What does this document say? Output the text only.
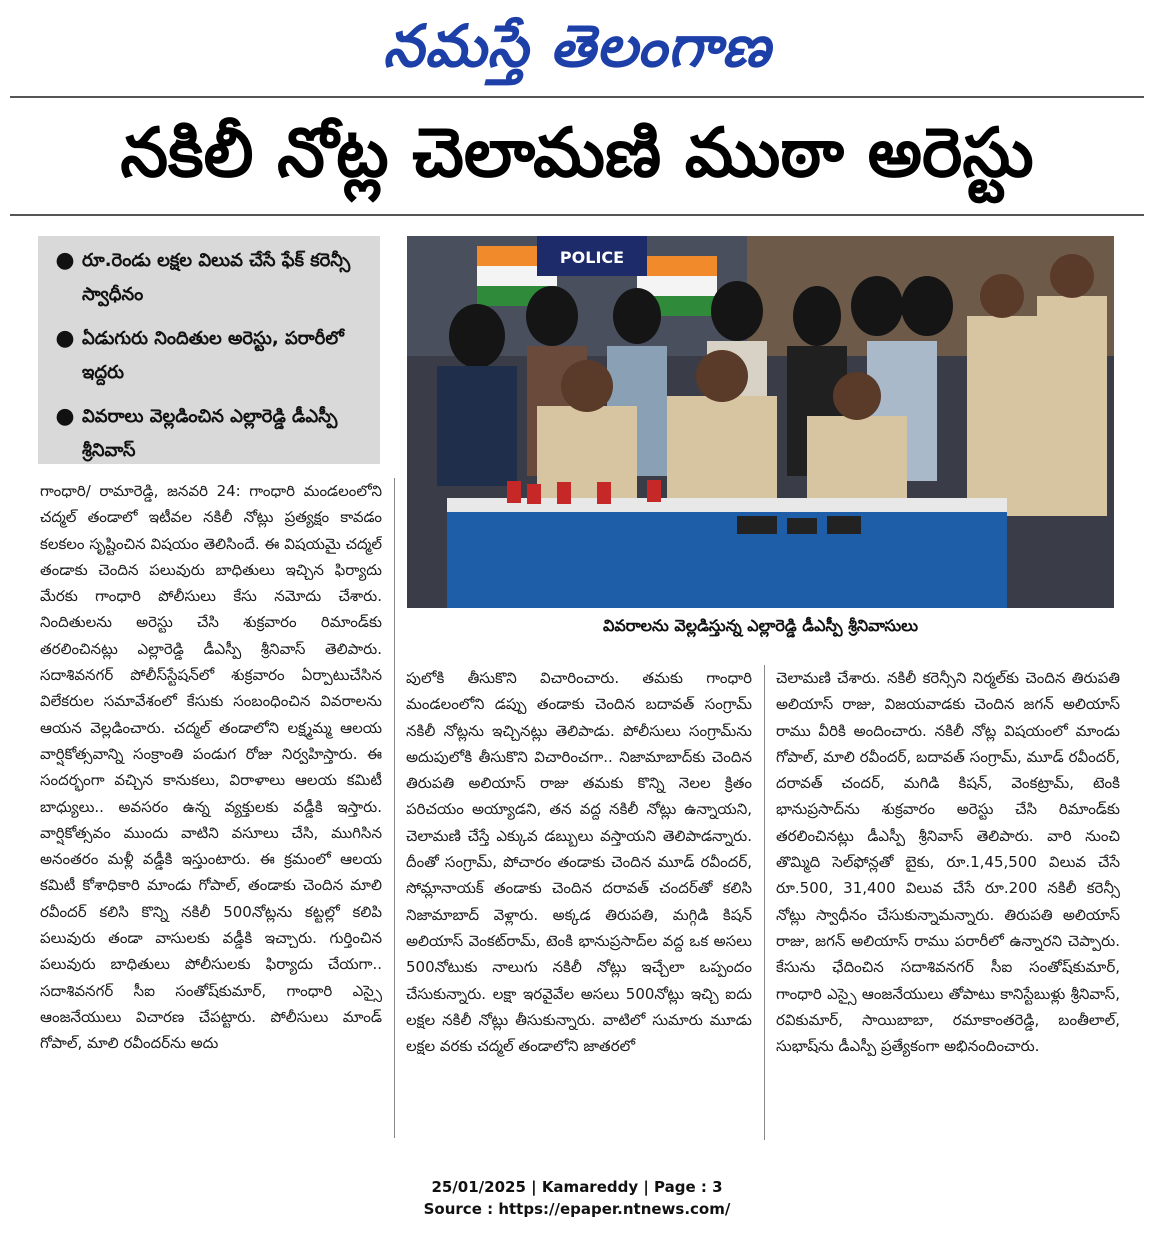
నమస్తే తెలంగాణ
నకిలీ నోట్ల చెలామణి ముఠా అరెస్టు
● రూ.రెండు లక్షల విలువ చేసే ఫేక్ కరెన్సీ స్వాధీనం
● ఏడుగురు నిందితుల అరెస్టు, పరారీలో ఇద్దరు
● వివరాలు వెల్లడించిన ఎల్లారెడ్డి డీఎస్పీ శ్రీనివాస్
POLICE
వివరాలను వెల్లడిస్తున్న ఎల్లారెడ్డి డీఎస్పీ శ్రీనివాసులు
గాంధారి/ రామారెడ్డి, జనవరి 24: గాంధారి మండలంలోని చద్మల్ తండాలో ఇటీవల నకిలీ నోట్లు ప్రత్యక్షం కావడం కలకలం సృష్టించిన విషయం తెలిసిందే. ఈ విషయమై చద్మల్ తండాకు చెందిన పలువురు బాధితులు ఇచ్చిన ఫిర్యాదు మేరకు గాంధారి పోలీసులు కేసు నమోదు చేశారు. నిందితులను అరెస్టు చేసి శుక్రవారం రిమాండ్‌కు తరలించినట్లు ఎల్లారెడ్డి డీఎస్పీ శ్రీనివాస్ తెలిపారు. సదాశివనగర్ పోలీస్‌స్టేషన్‌లో శుక్రవారం ఏర్పాటుచేసిన విలేకరుల సమావేశంలో కేసుకు సంబంధించిన వివరాలను ఆయన వెల్లడించారు. చద్మల్ తండాలోని లక్ష్మమ్మ ఆలయ వార్షికోత్సవాన్ని సంక్రాంతి పండుగ రోజు నిర్వహిస్తారు. ఈ సందర్భంగా వచ్చిన కానుకలు, విరాళాలు ఆలయ కమిటీ బాధ్యులు.. అవసరం ఉన్న వ్యక్తులకు వడ్డీకి ఇస్తారు. వార్షికోత్సవం ముందు వాటిని వసూలు చేసి, ముగిసిన అనంతరం మళ్లీ వడ్డీకి ఇస్తుంటారు. ఈ క్రమంలో ఆలయ కమిటీ కోశాధికారి మాండు గోపాల్, తండాకు చెందిన మాలి రవీందర్ కలిసి కొన్ని నకిలీ 500నోట్లను కట్టల్లో కలిపి పలువురు తండా వాసులకు వడ్డీకి ఇచ్చారు. గుర్తించిన పలువురు బాధితులు పోలీసులకు ఫిర్యాదు చేయగా.. సదాశివనగర్ సీఐ సంతోష్‌కుమార్, గాంధారి ఎస్సై ఆంజనేయులు విచారణ చేపట్టారు. పోలీసులు మాండ్ గోపాల్, మాలి రవీందర్‌ను అదు
పులోకి తీసుకొని విచారించారు. తమకు గాంధారి మండలంలోని డప్పు తండాకు చెందిన బదావత్ సంగ్రామ్ నకిలీ నోట్లను ఇచ్చినట్లు తెలిపాడు. పోలీసులు సంగ్రామ్‌ను అదుపులోకి తీసుకొని విచారించగా.. నిజామాబాద్‌కు చెందిన తిరుపతి అలియాస్ రాజు తమకు కొన్ని నెలల క్రితం పరిచయం అయ్యాడని, తన వద్ద నకిలీ నోట్లు ఉన్నాయని, చెలామణి చేస్తే ఎక్కువ డబ్బులు వస్తాయని తెలిపాడన్నారు. దీంతో సంగ్రామ్, పోచారం తండాకు చెందిన మూడ్ రవీందర్, సోమ్లానాయక్ తండాకు చెందిన దరావత్ చందర్‌తో కలిసి నిజామాబాద్ వెళ్లారు. అక్కడ తిరుపతి, మగ్గిడి కిషన్ అలియాస్ వెంకట్‌రామ్, టెంకి భానుప్రసాద్‌ల వద్ద ఒక అసలు 500నోటుకు నాలుగు నకిలీ నోట్లు ఇచ్చేలా ఒప్పందం చేసుకున్నారు. లక్షా ఇరవైవేల అసలు 500నోట్లు ఇచ్చి ఐదు లక్షల నకిలీ నోట్లు తీసుకున్నారు. వాటిలో సుమారు మూడు లక్షల వరకు చద్మల్ తండాలోని జాతరలో
చెలామణి చేశారు. నకిలీ కరెన్సీని నిర్మల్‌కు చెందిన తిరుపతి అలియాస్ రాజు, విజయవాడకు చెందిన జగన్ అలియాస్ రాము వీరికి అందించారు. నకిలీ నోట్ల విషయంలో మాండు గోపాల్, మాలి రవీందర్, బదావత్ సంగ్రామ్, మూడ్ రవీందర్, దరావత్ చందర్, మగిడి కిషన్, వెంకట్రామ్, టెంకి భానుప్రసాద్‌ను శుక్రవారం అరెస్టు చేసి రిమాండ్‌కు తరలించినట్లు డీఎస్పీ శ్రీనివాస్ తెలిపారు. వారి నుంచి తొమ్మిది సెల్‌ఫోన్లతో బైకు, రూ.1,45,500 విలువ చేసే రూ.500, 31,400 విలువ చేసే రూ.200 నకిలీ కరెన్సీ నోట్లు స్వాధీనం చేసుకున్నామన్నారు. తిరుపతి అలియాస్ రాజు, జగన్ అలియాస్ రాము పరారీలో ఉన్నారని చెప్పారు. కేసును ఛేదించిన సదాశివనగర్ సీఐ సంతోష్‌కుమార్, గాంధారి ఎస్సై ఆంజనేయులు తోపాటు కానిస్టేబుళ్లు శ్రీనివాస్, రవికుమార్, సాయిబాబా, రమాకాంతరెడ్డి, బంతీలాల్, సుభాష్‌ను డీఎస్పీ ప్రత్యేకంగా అభినందించారు.
25/01/2025 | Kamareddy | Page : 3
Source : https://epaper.ntnews.com/
